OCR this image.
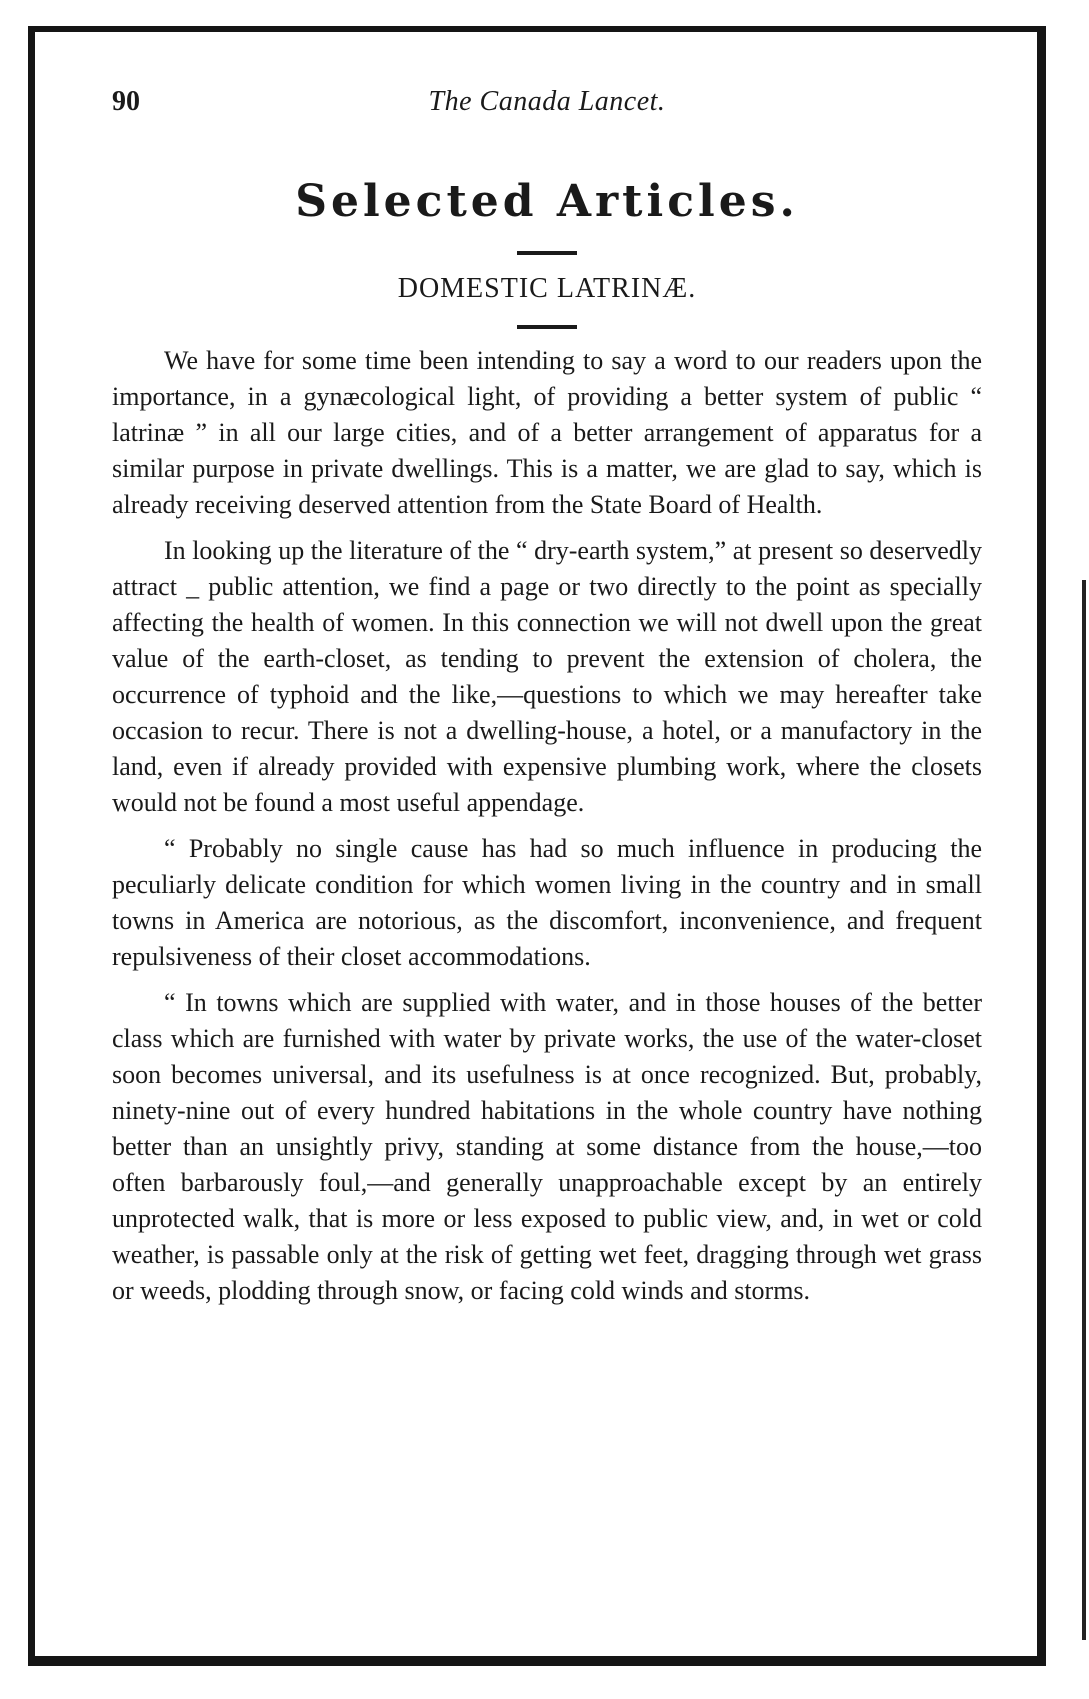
90	The Canada Lancet.
Selected Articles.
DOMESTIC LATRINÆ.

We have for some time been intending to say a word to our readers upon the importance, in a gynæcological light, of providing a better system of public “ latrinæ ” in all our large cities, and of a better arrangement of apparatus for a similar purpose in private dwellings. This is a matter, we are glad to say, which is already receiving deserved attention from the State Board of Health.

In looking up the literature of the “ dry-earth system,” at present so deservedly attract _ public attention, we find a page or two directly to the point as specially affecting the health of women. In this connection we will not dwell upon the great value of the earth-closet, as tending to prevent the extension of cholera, the occurrence of typhoid and the like,—questions to which we may hereafter take occasion to recur. There is not a dwelling-house, a hotel, or a manufactory in the land, even if already provided with expensive plumbing work, where the closets would not be found a most useful appendage.

“ Probably no single cause has had so much influence in producing the peculiarly delicate condition for which women living in the country and in small towns in America are notorious, as the discomfort, inconvenience, and frequent repulsiveness of their closet accommodations.

“ In towns which are supplied with water, and in those houses of the better class which are furnished with water by private works, the use of the water-closet soon becomes universal, and its usefulness is at once recognized. But, probably, ninety-nine out of every hundred habitations in the whole country have nothing better than an unsightly privy, standing at some distance from the house,—too often barbarously foul,—and generally unapproachable except by an entirely unprotected walk, that is more or less exposed to public view, and, in wet or cold weather, is passable only at the risk of getting wet feet, dragging through wet grass or weeds, plodding through snow, or facing cold winds and storms.
